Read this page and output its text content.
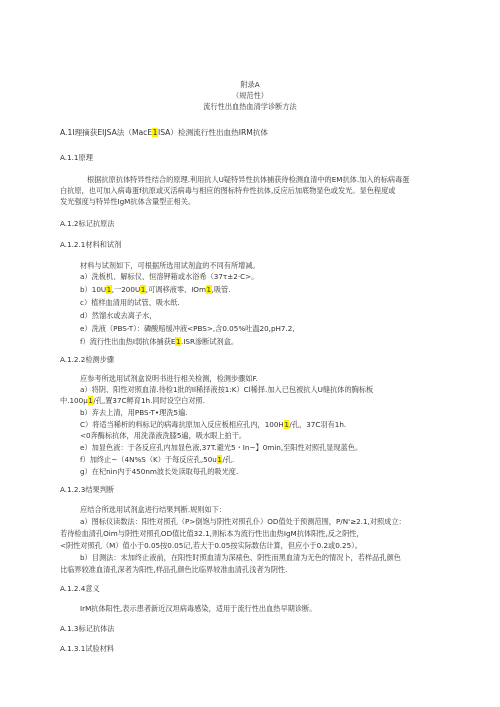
附录A
（规范性）
流行性出血热血清学诊断方法
A.1I理摘获EIJSA法（MacE1ISA）检测流行性出血热IRM抗体
A.1.1原理
根据抗原抗体特异性结合的原理.利用抗人U疑特异性抗体捕获待检测血清中的EM抗体.加入的标病毒蛋
白抗原，也可加入病毒蛋f抗原或灭活病毒与相应的图标特弁性抗体,反应后加底物显色或发光。显色程度或
发光强度与特异性IgM抗体含量型正相关。
A.1.2标记抗原法
A.1.2.1材料和试剂
材料与试剂如下，可根据所选用试剂盒的不同有所增减。
a）洗板机、解标仪、恒溶钾箱或水浴希（37τ±2·C>。
b）10U1,一200U1,可调移液零、IOm1,吸管.
c）植样血清用的试管、吸水纸.
d）然馏水或去离子水，
e）洗液（PBS-T）：磷酸赔缓冲液<PBS>,含0.05%吐温20,pH7.2,
f）流行性出血热I弱抗体捕获E1.ISR渗断试剂盒。
A.1.2.2检测步骤
应参考所选用试剂盒说明书进行相关检测，检测步骤如F.
a）将阴、阳性对照血清.待检1批的Il稀择液按1:K）Cl稀择.加入已包被抗人U缝抗体的胸标板
中.100μ1/孔,置37C孵育1h.同时设空白对照.
b）弃去上清，用PBS-T•理洗5遍.
C）将适当稀析的料标记的病毒抗原加入反应板相应孔内，100H1/孔，37C羽有1h.
<0奔酶标抗体，用洗涤液洗膝5遍，吸水眼上拍干。
e）加显色液：于各反应孔内加显色液,37T.避光5・In~】0min,至阳性对照孔显现蓝色。
f）加终止~（4N%S（K）于每反应孔,50u1/孔.
g）在杞nin内于450nm波长处读取每孔的吸光度.
A.1.2.3结果判断
应结合所选用试剂盒进行结果判断.规则如下：
a）图标仪读数法：阳性对照孔（P>倒饱与阴性对照孔仆）OD值处于预测范围，P/N'≥2.1,对照成立：
若待检血清孔Oim与阴性对照孔OD值比值32.1,则标本为流行性出血热IgM抗体阳性,反之阴性，
<阴性对照孔（M）值小于0.05按0.05记,若大于0.05按实际数估计算，但应小于0.2或0.25）。
b）目测法：未加终止液前，在阳性时照血清为深裱色、阴性而黑血清为无色的情况卜，若样品孔颜色
比临界较准血清孔深者为阳性,样品孔颜色比临界较准血清孔浅者为阴性.
A.1.2.4意义
IrM抗体阳性,表示患者新近汉坦病毒感染，适用于流行性出血热早期诊断。
A.1.3标记抗体法
A.1.3.1试验材料
